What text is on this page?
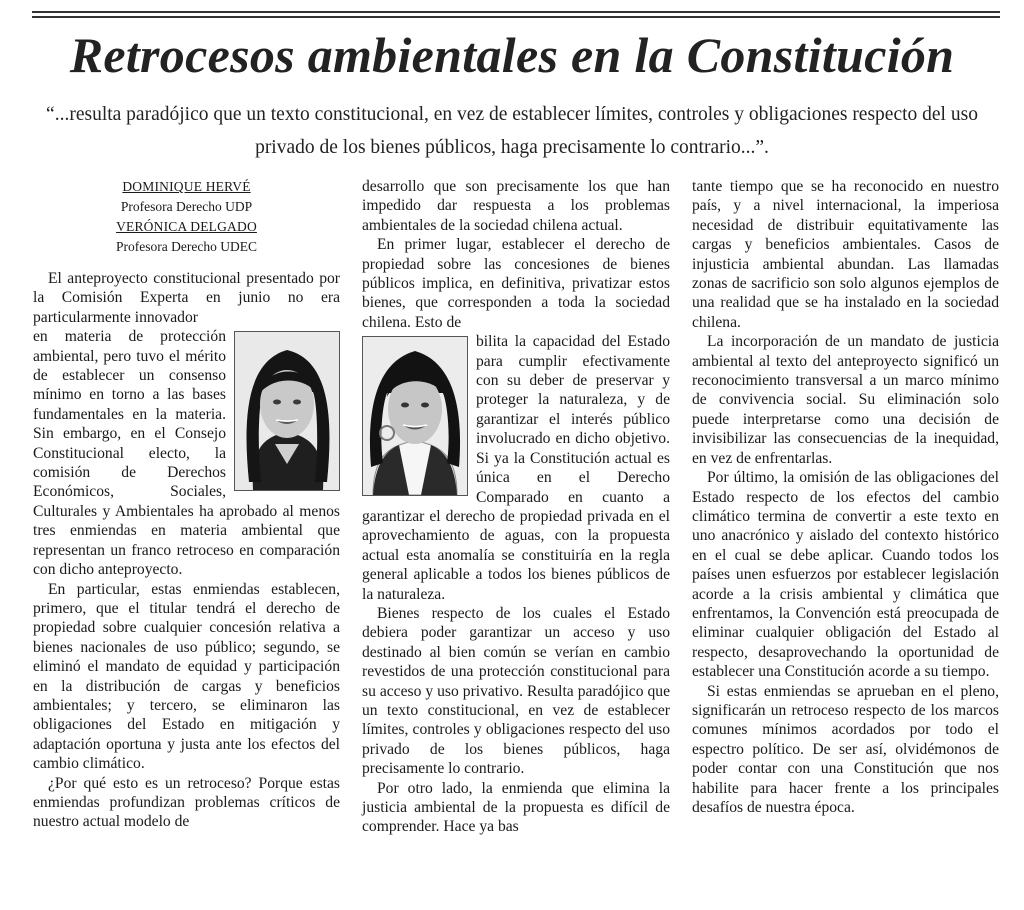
Retrocesos ambientales en la Constitución

“...resulta paradójico que un texto constitucional, en vez de establecer límites, controles y obligaciones respecto del uso privado de los bienes públicos, haga precisamente lo contrario...”.

DOMINIQUE HERVÉ

Profesora Derecho UDP

VERÓNICA DELGADO

Profesora Derecho UDEC

El anteproyecto constitucional presentado por la Comisión Experta en junio no era particularmente innovador

en materia de protección ambiental, pero tuvo el mérito de establecer un consenso mínimo en torno a las bases fundamentales en la materia. Sin embargo, en el Consejo Constitucional electo, la comisión de Derechos Económicos, Sociales, Culturales y Ambientales ha aprobado al menos tres enmiendas en materia ambiental que representan un franco retroceso en comparación con dicho anteproyecto.

En particular, estas enmiendas establecen, primero, que el titular tendrá el derecho de propiedad sobre cualquier concesión relativa a bienes nacionales de uso público; segundo, se eliminó el mandato de equidad y participación en la distribución de cargas y beneficios ambientales; y tercero, se eliminaron las obligaciones del Estado en mitigación y adaptación oportuna y justa ante los efectos del cambio climático.

¿Por qué esto es un retroceso? Porque estas enmiendas profundizan problemas críticos de nuestro actual modelo de

desarrollo que son precisamente los que han impedido dar respuesta a los problemas ambientales de la sociedad chilena actual.

En primer lugar, establecer el derecho de propiedad sobre las concesiones de bienes públicos implica, en definitiva, privatizar estos bienes, que corresponden a toda la sociedad chilena. Esto de

bilita la capacidad del Estado para cumplir efectivamente con su deber de preservar y proteger la naturaleza, y de garantizar el interés público involucrado en dicho objetivo. Si ya la Constitución actual es única en el Derecho Comparado en cuanto a garantizar el derecho de propiedad privada en el aprovechamiento de aguas, con la propuesta actual esta anomalía se constituiría en la regla general aplicable a todos los bienes públicos de la naturaleza.

Bienes respecto de los cuales el Estado debiera poder garantizar un acceso y uso destinado al bien común se verían en cambio revestidos de una protección constitucional para su acceso y uso privativo. Resulta paradójico que un texto constitucional, en vez de establecer límites, controles y obligaciones respecto del uso privado de los bienes públicos, haga precisamente lo contrario.

Por otro lado, la enmienda que elimina la justicia ambiental de la propuesta es difícil de comprender. Hace ya bas

tante tiempo que se ha reconocido en nuestro país, y a nivel internacional, la imperiosa necesidad de distribuir equitativamente las cargas y beneficios ambientales. Casos de injusticia ambiental abundan. Las llamadas zonas de sacrificio son solo algunos ejemplos de una realidad que se ha instalado en la sociedad chilena.

La incorporación de un mandato de justicia ambiental al texto del anteproyecto significó un reconocimiento transversal a un marco mínimo de convivencia social. Su eliminación solo puede interpretarse como una decisión de invisibilizar las consecuencias de la inequidad, en vez de enfrentarlas.

Por último, la omisión de las obligaciones del Estado respecto de los efectos del cambio climático termina de convertir a este texto en uno anacrónico y aislado del contexto histórico en el cual se debe aplicar. Cuando todos los países unen esfuerzos por establecer legislación acorde a la crisis ambiental y climática que enfrentamos, la Convención está preocupada de eliminar cualquier obligación del Estado al respecto, desaprovechando la oportunidad de establecer una Constitución acorde a su tiempo.

Si estas enmiendas se aprueban en el pleno, significarán un retroceso respecto de los marcos comunes mínimos acordados por todo el espectro político. De ser así, olvidémonos de poder contar con una Constitución que nos habilite para hacer frente a los principales desafíos de nuestra época.
